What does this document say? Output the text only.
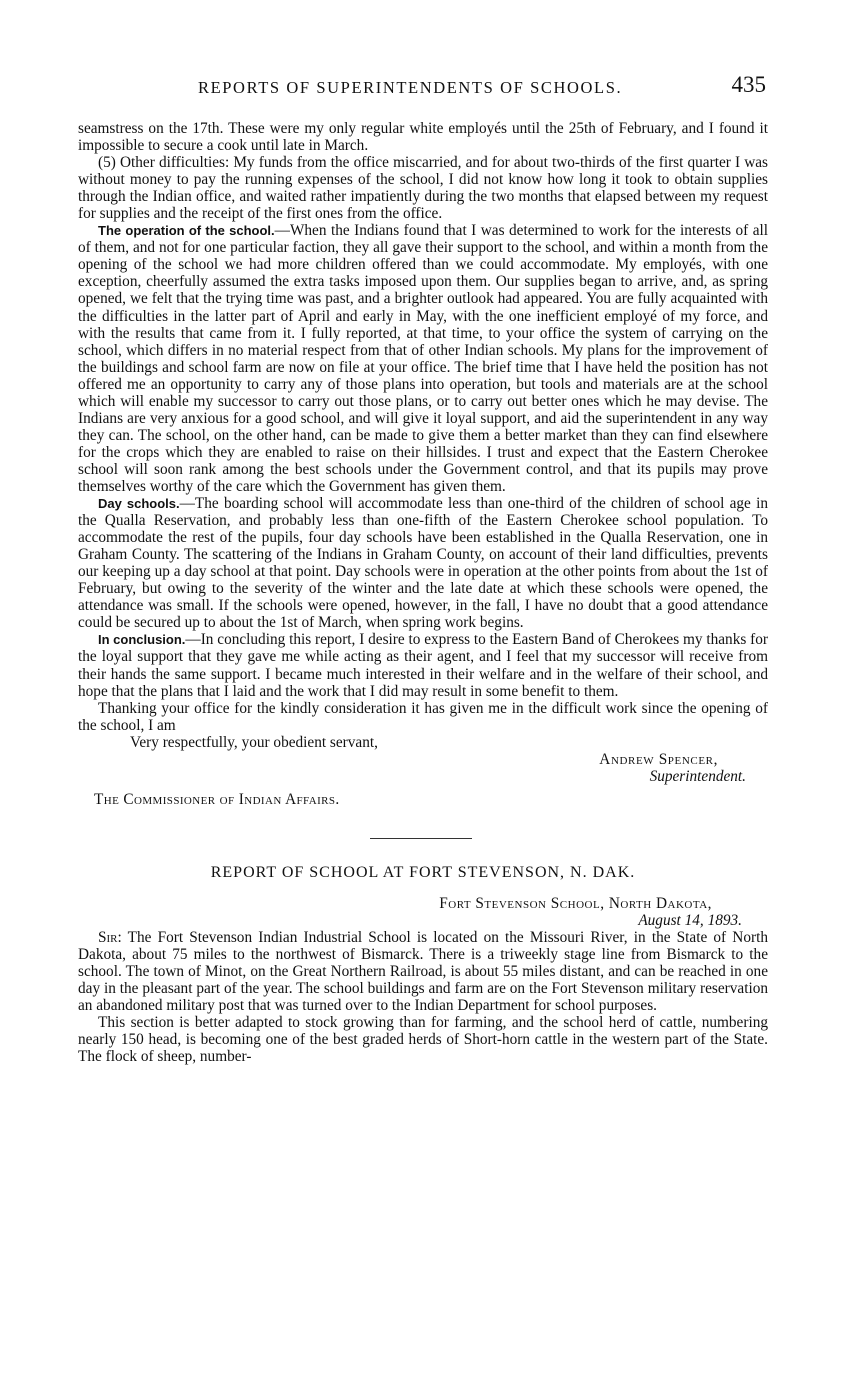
REPORTS OF SUPERINTENDENTS OF SCHOOLS.	435

seamstress on the 17th. These were my only regular white employés until the 25th of February, and I found it impossible to secure a cook until late in March.

(5) Other difficulties: My funds from the office miscarried, and for about two-thirds of the first quarter I was without money to pay the running expenses of the school, I did not know how long it took to obtain supplies through the Indian office, and waited rather impatiently during the two months that elapsed between my request for supplies and the receipt of the first ones from the office.

The operation of the school.—When the Indians found that I was determined to work for the interests of all of them, and not for one particular faction, they all gave their support to the school, and within a month from the opening of the school we had more children offered than we could accommodate. My employés, with one exception, cheerfully assumed the extra tasks imposed upon them. Our supplies began to arrive, and, as spring opened, we felt that the trying time was past, and a brighter outlook had appeared. You are fully acquainted with the difficulties in the latter part of April and early in May, with the one inefficient employé of my force, and with the results that came from it. I fully reported, at that time, to your office the system of carrying on the school, which differs in no material respect from that of other Indian schools. My plans for the improvement of the buildings and school farm are now on file at your office. The brief time that I have held the position has not offered me an opportunity to carry any of those plans into operation, but tools and materials are at the school which will enable my successor to carry out those plans, or to carry out better ones which he may devise. The Indians are very anxious for a good school, and will give it loyal support, and aid the superintendent in any way they can. The school, on the other hand, can be made to give them a better market than they can find elsewhere for the crops which they are enabled to raise on their hillsides. I trust and expect that the Eastern Cherokee school will soon rank among the best schools under the Government control, and that its pupils may prove themselves worthy of the care which the Government has given them.

Day schools.—The boarding school will accommodate less than one-third of the children of school age in the Qualla Reservation, and probably less than one-fifth of the Eastern Cherokee school population. To accommodate the rest of the pupils, four day schools have been established in the Qualla Reservation, one in Graham County. The scattering of the Indians in Graham County, on account of their land difficulties, prevents our keeping up a day school at that point. Day schools were in operation at the other points from about the 1st of February, but owing to the severity of the winter and the late date at which these schools were opened, the attendance was small. If the schools were opened, however, in the fall, I have no doubt that a good attendance could be secured up to about the 1st of March, when spring work begins.

In conclusion.—In concluding this report, I desire to express to the Eastern Band of Cherokees my thanks for the loyal support that they gave me while acting as their agent, and I feel that my successor will receive from their hands the same support. I became much interested in their welfare and in the welfare of their school, and hope that the plans that I laid and the work that I did may result in some benefit to them.

Thanking your office for the kindly consideration it has given me in the difficult work since the opening of the school, I am

Very respectfully, your obedient servant,

Andrew Spencer,

Superintendent.

The Commissioner of Indian Affairs.

REPORT OF SCHOOL AT FORT STEVENSON, N. DAK.

Fort Stevenson School, North Dakota,

August 14, 1893.

Sir: The Fort Stevenson Indian Industrial School is located on the Missouri River, in the State of North Dakota, about 75 miles to the northwest of Bismarck. There is a triweekly stage line from Bismarck to the school. The town of Minot, on the Great Northern Railroad, is about 55 miles distant, and can be reached in one day in the pleasant part of the year. The school buildings and farm are on the Fort Stevenson military reservation an abandoned military post that was turned over to the Indian Department for school purposes.

This section is better adapted to stock growing than for farming, and the school herd of cattle, numbering nearly 150 head, is becoming one of the best graded herds of Short-horn cattle in the western part of the State. The flock of sheep, number-
